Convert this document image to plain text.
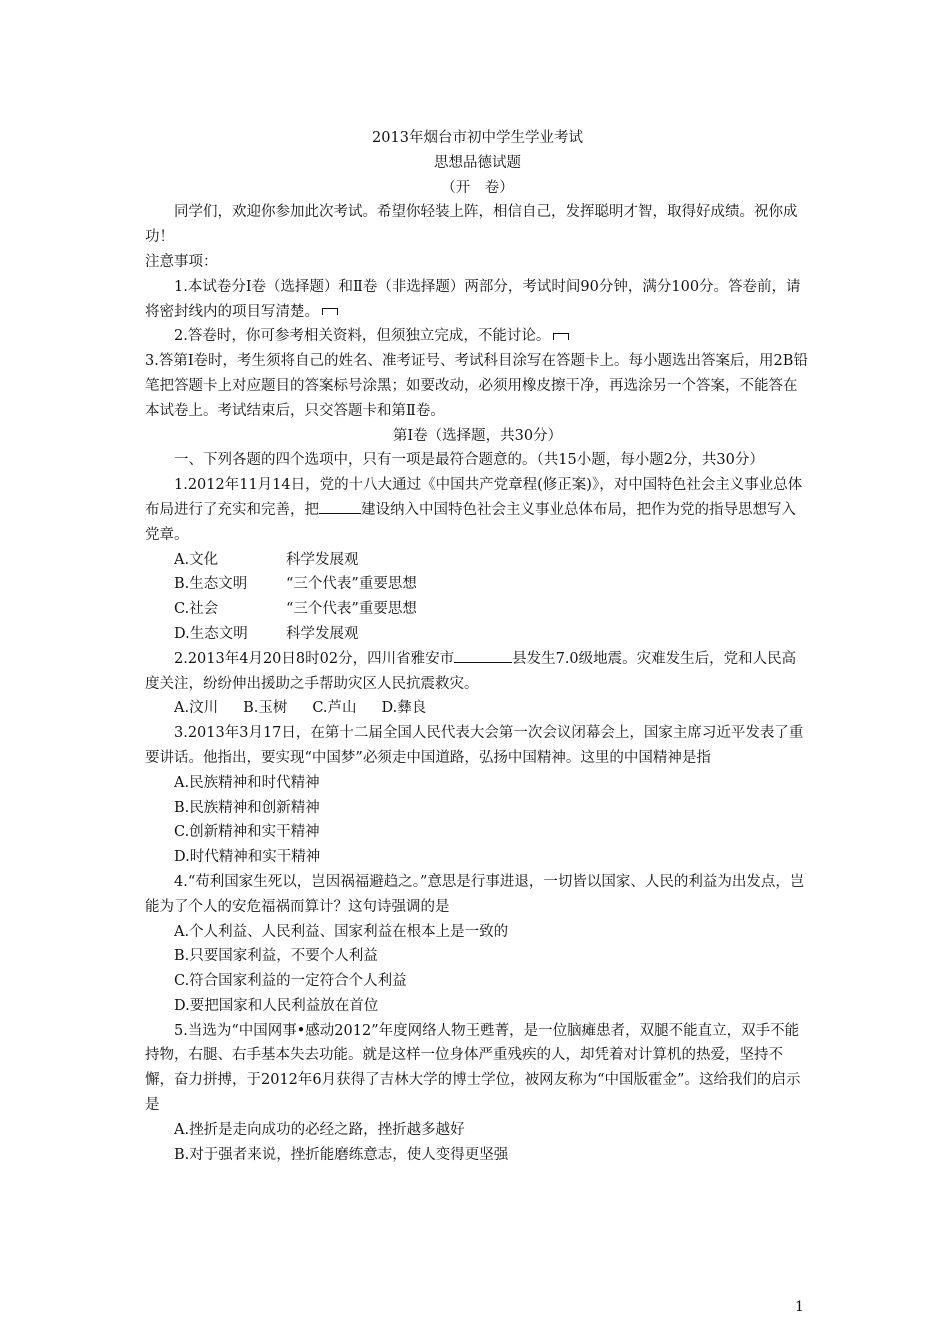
2013年烟台市初中学生学业考试

思想品德试题

（开　卷）

同学们，欢迎你参加此次考试。希望你轻装上阵，相信自己，发挥聪明才智，取得好成绩。祝你成功！

注意事项：

1.本试卷分Ⅰ卷（选择题）和Ⅱ卷（非选择题）两部分，考试时间90分钟，满分100分。答卷前，请将密封线内的项目写清楚。

2.答卷时，你可参考相关资料，但须独立完成，不能讨论。

3.答第Ⅰ卷时，考生须将自己的姓名、准考证号、考试科目涂写在答题卡上。每小题选出答案后，用2B铅笔把答题卡上对应题目的答案标号涂黑；如要改动，必须用橡皮擦干净，再选涂另一个答案，不能答在本试卷上。考试结束后，只交答题卡和第Ⅱ卷。

第Ⅰ卷（选择题，共30分）

一、下列各题的四个选项中，只有一项是最符合题意的。（共15小题，每小题2分，共30分）

1.2012年11月14日，党的十八大通过《中国共产党章程(修正案)》，对中国特色社会主义事业总体布局进行了充实和完善，把	建设纳入中国特色社会主义事业总体布局，把作为党的指导思想写入党章。

A.文化	科学发展观
B.生态文明	“三个代表”重要思想
C.社会	“三个代表”重要思想
D.生态文明	科学发展观

2.2013年4月20日8时02分，四川省雅安市	县发生7.0级地震。灾难发生后，党和人民高度关注，纷纷伸出援助之手帮助灾区人民抗震救灾。

A.汶川 B.玉树 C.芦山 D.彝良

3.2013年3月17日，在第十二届全国人民代表大会第一次会议闭幕会上，国家主席习近平发表了重要讲话。他指出，要实现“中国梦”必须走中国道路，弘扬中国精神。这里的中国精神是指

A.民族精神和时代精神

B.民族精神和创新精神

C.创新精神和实干精神

D.时代精神和实干精神

4.“苟利国家生死以，岂因祸福避趋之。”意思是行事进退，一切皆以国家、人民的利益为出发点，岂能为了个人的安危福祸而算计？这句诗强调的是

A.个人利益、人民利益、国家利益在根本上是一致的

B.只要国家利益，不要个人利益

C.符合国家利益的一定符合个人利益

D.要把国家和人民利益放在首位

5.当选为“中国网事•感动2012”年度网络人物王甦菁，是一位脑瘫患者，双腿不能直立，双手不能持物，右腿、右手基本失去功能。就是这样一位身体严重残疾的人，却凭着对计算机的热爱，坚持不懈，奋力拼搏，于2012年6月获得了吉林大学的博士学位，被网友称为“中国版霍金”。这给我们的启示是

A.挫折是走向成功的必经之路，挫折越多越好

B.对于强者来说，挫折能磨练意志，使人变得更坚强

1
